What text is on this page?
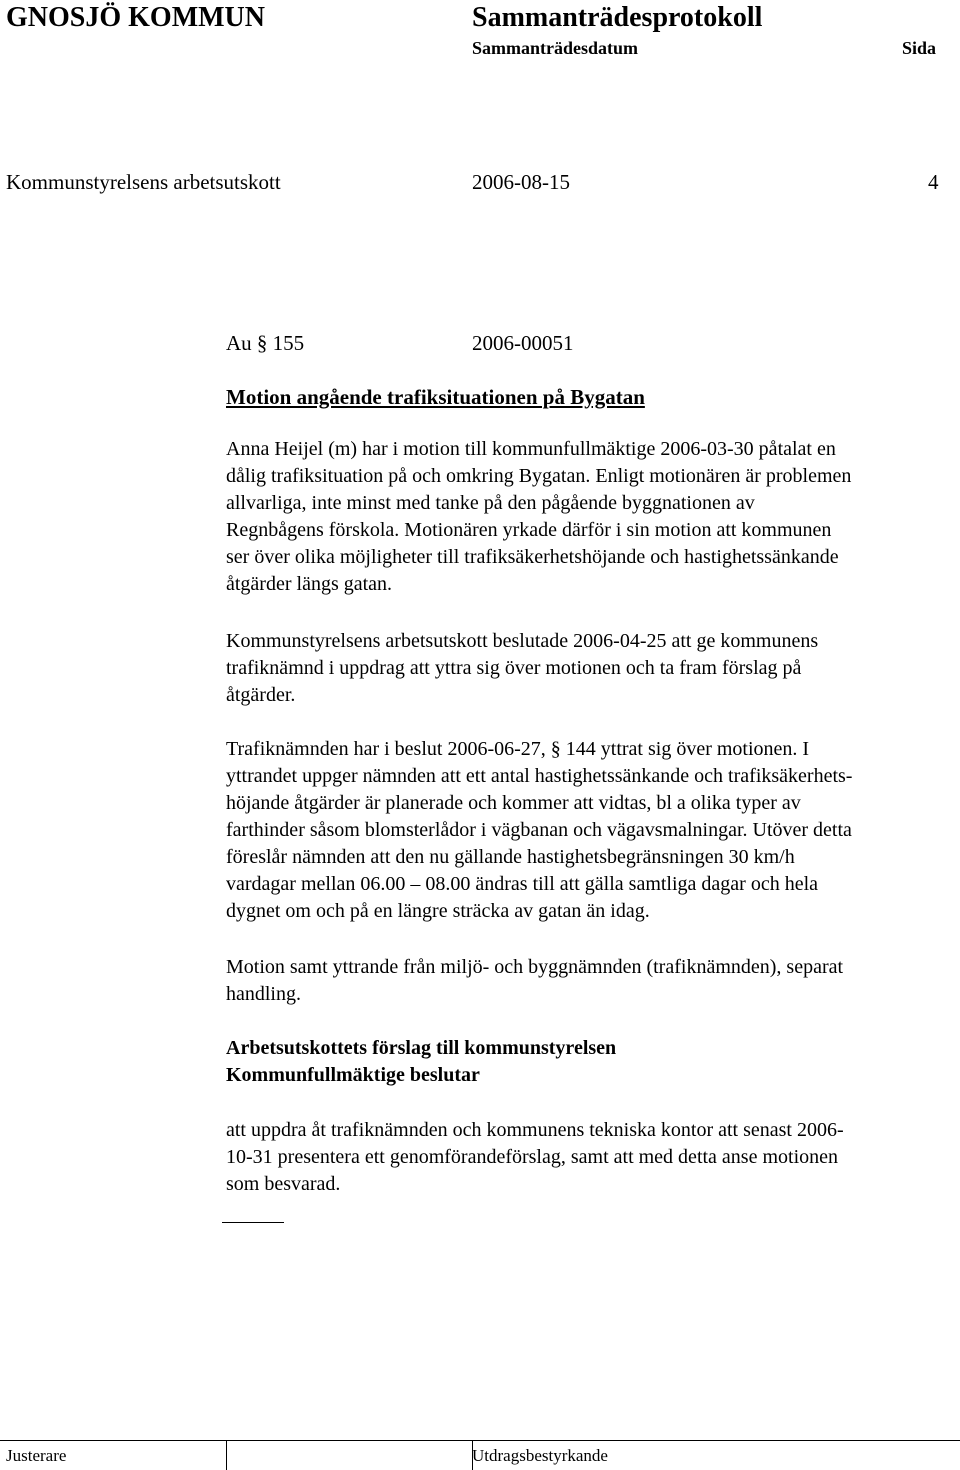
GNOSJÖ KOMMUN	Sammanträdesprotokoll
Sammanträdesdatum	Sida
Kommunstyrelsens arbetsutskott	2006-08-15	4
Au § 155	2006-00051
Motion angående trafiksituationen på Bygatan
Anna Heijel (m) har i motion till kommunfullmäktige 2006-03-30 påtalat en
dålig trafiksituation på och omkring Bygatan. Enligt motionären är problemen
allvarliga, inte minst med tanke på den pågående byggnationen av
Regnbågens förskola. Motionären yrkade därför i sin motion att kommunen
ser över olika möjligheter till trafiksäkerhetshöjande och hastighetssänkande
åtgärder längs gatan.
Kommunstyrelsens arbetsutskott beslutade 2006-04-25 att ge kommunens
trafiknämnd i uppdrag att yttra sig över motionen och ta fram förslag på
åtgärder.
Trafiknämnden har i beslut 2006-06-27, § 144 yttrat sig över motionen. I
yttrandet uppger nämnden att ett antal hastighetssänkande och trafiksäkerhets-
höjande åtgärder är planerade och kommer att vidtas, bl a olika typer av
farthinder såsom blomsterlådor i vägbanan och vägavsmalningar. Utöver detta
föreslår nämnden att den nu gällande hastighetsbegränsningen 30 km/h
vardagar mellan 06.00 – 08.00 ändras till att gälla samtliga dagar och hela
dygnet om och på en längre sträcka av gatan än idag.
Motion samt yttrande från miljö- och byggnämnden (trafiknämnden), separat
handling.
Arbetsutskottets förslag till kommunstyrelsen
Kommunfullmäktige beslutar
att uppdra åt trafiknämnden och kommunens tekniska kontor att senast 2006-
10-31 presentera ett genomförandeförslag, samt att med detta anse motionen
som besvarad.
Justerare	Utdragsbestyrkande
